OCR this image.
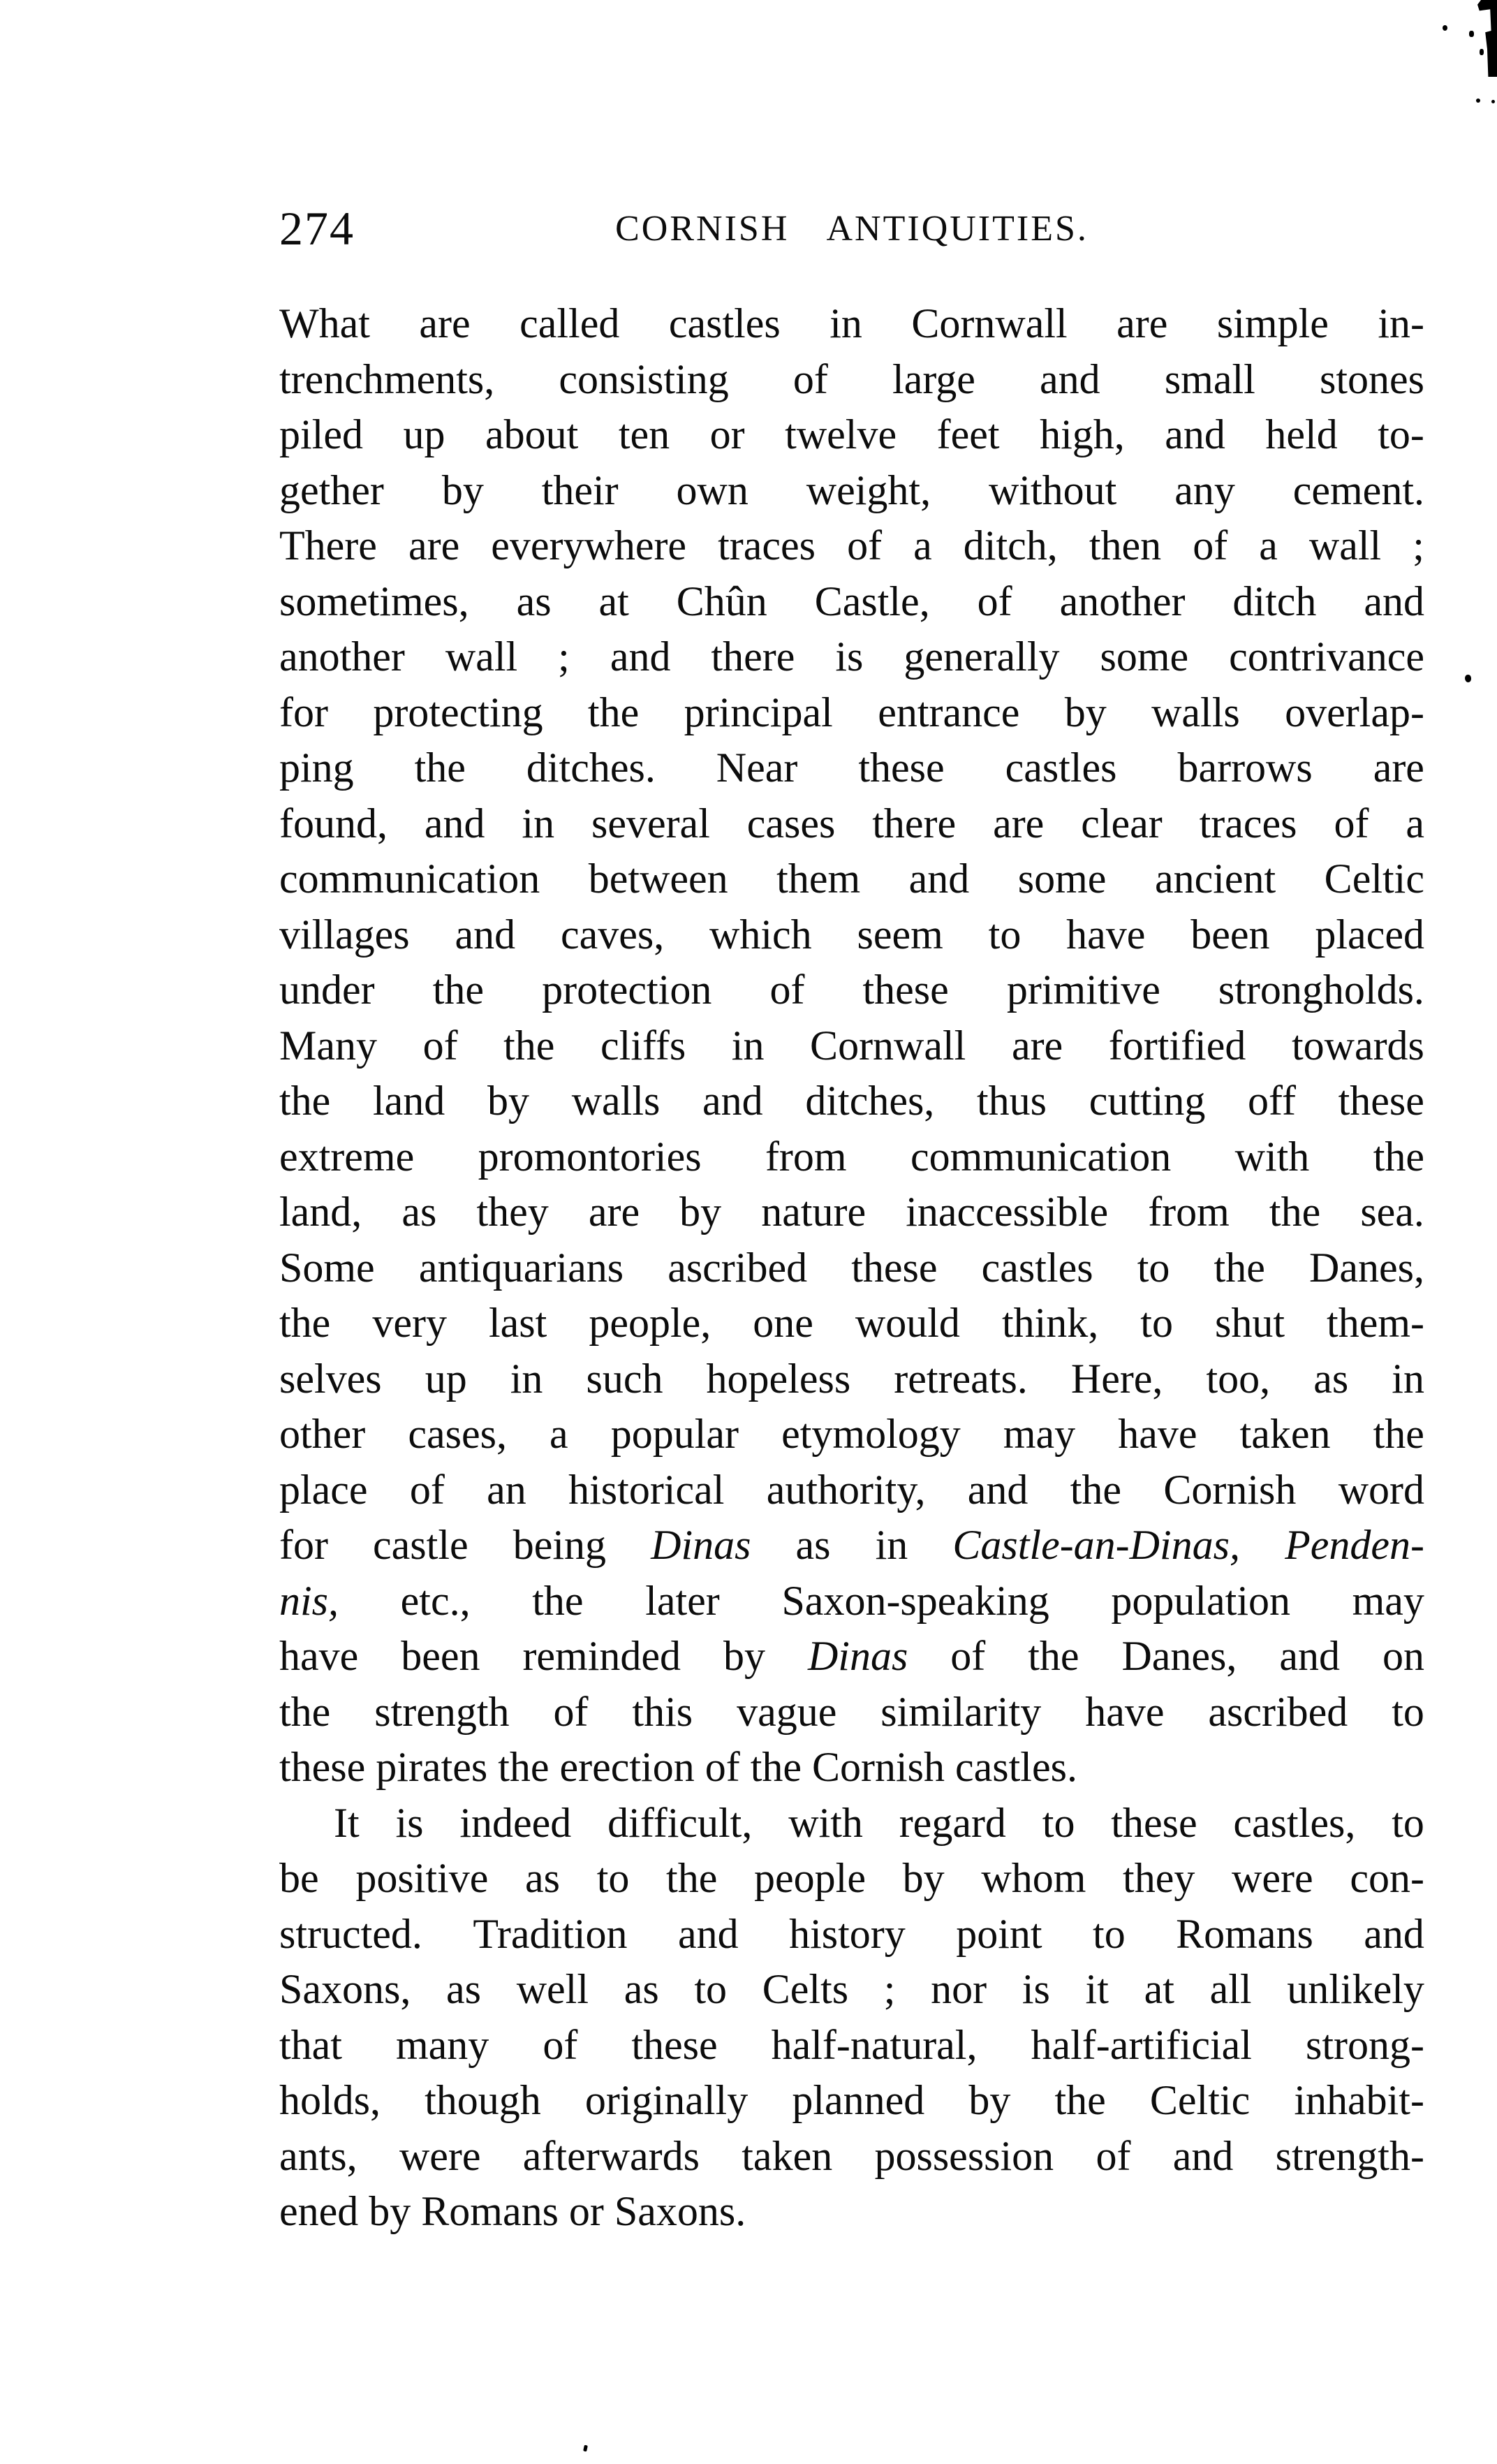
274	CORNISH ANTIQUITIES.
What are called castles in Cornwall are simple in-
trenchments, consisting of large and small stones
piled up about ten or twelve feet high, and held to-
gether by their own weight, without any cement.
There are everywhere traces of a ditch, then of a wall ;
sometimes, as at Chûn Castle, of another ditch and
another wall ; and there is generally some contrivance
for protecting the principal entrance by walls overlap-
ping the ditches. Near these castles barrows are
found, and in several cases there are clear traces of a
communication between them and some ancient Celtic
villages and caves, which seem to have been placed
under the protection of these primitive strongholds.
Many of the cliffs in Cornwall are fortified towards
the land by walls and ditches, thus cutting off these
extreme promontories from communication with the
land, as they are by nature inaccessible from the sea.
Some antiquarians ascribed these castles to the Danes,
the very last people, one would think, to shut them-
selves up in such hopeless retreats. Here, too, as in
other cases, a popular etymology may have taken the
place of an historical authority, and the Cornish word
for castle being Dinas as in Castle-an-Dinas, Penden-
nis, etc., the later Saxon-speaking population may
have been reminded by Dinas of the Danes, and on
the strength of this vague similarity have ascribed to
these pirates the erection of the Cornish castles.
It is indeed difficult, with regard to these castles, to
be positive as to the people by whom they were con-
structed. Tradition and history point to Romans and
Saxons, as well as to Celts ; nor is it at all unlikely
that many of these half-natural, half-artificial strong-
holds, though originally planned by the Celtic inhabit-
ants, were afterwards taken possession of and strength-
ened by Romans or Saxons.
